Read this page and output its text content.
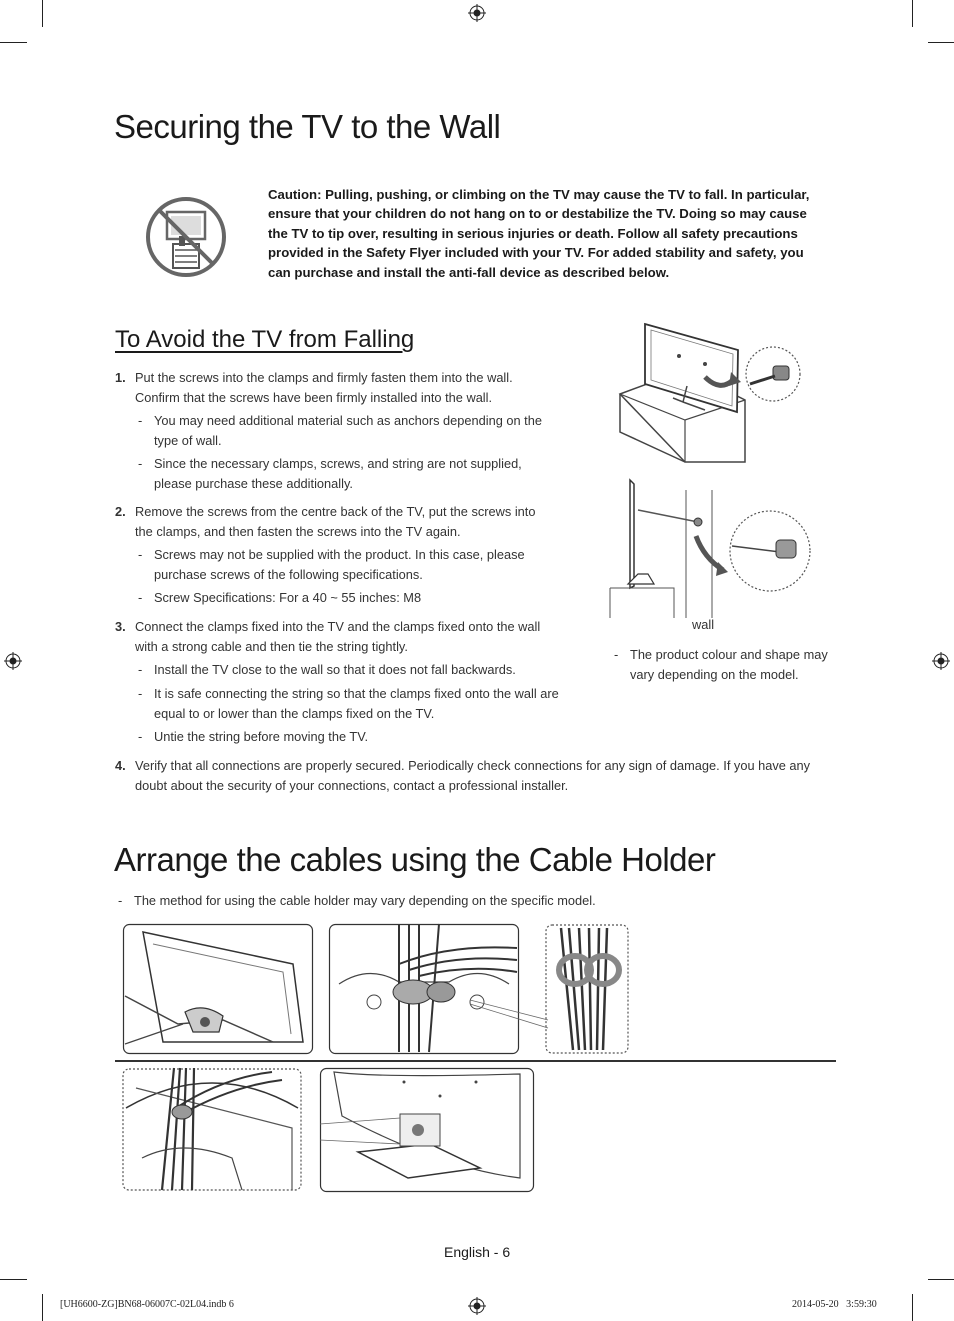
Securing the TV to the Wall
Caution: Pulling, pushing, or climbing on the TV may cause the TV to fall. In particular, ensure that your children do not hang on to or destabilize the TV. Doing so may cause the TV to tip over, resulting in serious injuries or death. Follow all safety precautions provided in the Safety Flyer included with your TV. For added stability and safety, you can purchase and install the anti-fall device as described below.
To Avoid the TV from Falling
1. Put the screws into the clamps and firmly fasten them into the wall.
Confirm that the screws have been firmly installed into the wall.
- You may need additional material such as anchors depending on the
type of wall.
- Since the necessary clamps, screws, and string are not supplied,
please purchase these additionally.
2. Remove the screws from the centre back of the TV, put the screws into
the clamps, and then fasten the screws into the TV again.
- Screws may not be supplied with the product. In this case, please
purchase screws of the following specifications.
- Screw Specifications: For a 40 ~ 55 inches: M8
3. Connect the clamps fixed into the TV and the clamps fixed onto the wall
with a strong cable and then tie the string tightly.
- Install the TV close to the wall so that it does not fall backwards.
- It is safe connecting the string so that the clamps fixed onto the wall are
equal to or lower than the clamps fixed on the TV.
- Untie the string before moving the TV.
4. Verify that all connections are properly secured. Periodically check connections for any sign of damage. If you have any
doubt about the security of your connections, contact a professional installer.
wall
- The product colour and shape may
vary depending on the model.
Arrange the cables using the Cable Holder
- The method for using the cable holder may vary depending on the specific model.
English - 6
[UH6600-ZG]BN68-06007C-02L04.indb 6	2014-05-20   3:59:30
